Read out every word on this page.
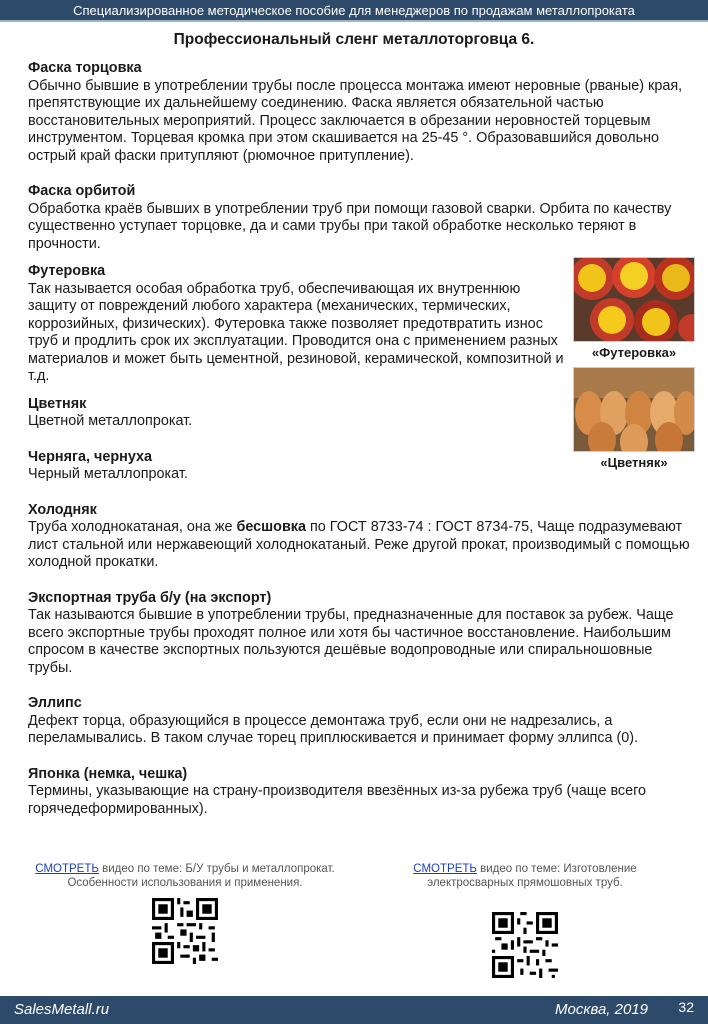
Специализированное методическое пособие для менеджеров по продажам металлопроката
Профессиональный сленг металлоторговца 6.
Фаска торцовка
Обычно бывшие в употреблении трубы после процесса монтажа имеют неровные (рваные) края, препятствующие их дальнейшему соединению. Фаска является обязательной частью восстановительных мероприятий. Процесс заключается в обрезании неровностей торцевым инструментом. Торцевая кромка при этом скашивается на 25-45 °. Образовавшийся довольно острый край фаски притупляют (рюмочное притупление).
Фаска орбитой
Обработка краёв бывших в употреблении труб при помощи газовой сварки. Орбита по качеству существенно уступает торцовке, да и сами трубы при такой обработке несколько теряют в прочности.
Футеровка
Так называется особая обработка труб, обеспечивающая их внутреннюю защиту от повреждений любого характера (механических, термических, коррозийных, физических). Футеровка также позволяет предотвратить износ труб и продлить срок их эксплуатации. Проводится она с применением разных материалов и может быть цементной, резиновой, керамической, композитной и т.д.
Цветняк
Цветной металлопрокат.
Черняга, чернуха
Черный металлопрокат.
Холодняк
Труба холоднокатаная, она же бесшовка по ГОСТ 8733-74 : ГОСТ 8734-75, Чаще подразумевают лист стальной или нержавеющий холоднокатаный. Реже другой прокат, производимый с помощью холодной прокатки.
Экспортная труба б/у (на экспорт)
Так называются бывшие в употреблении трубы, предназначенные для поставок за рубеж. Чаще всего экспортные трубы проходят полное или хотя бы частичное восстановление. Наибольшим спросом в качестве экспортных пользуются дешёвые водопроводные или спиральношовные трубы.
Эллипс
Дефект торца, образующийся в процессе демонтажа труб, если они не надрезались, а переламывались. В таком случае торец приплюскивается и принимает форму эллипса (0).
Японка (немка, чешка)
Термины, указывающие на страну-производителя ввезённых из-за рубежа труб (чаще всего горячедеформированных).
«Футеровка»
«Цветняк»
СМОТРЕТЬ видео по теме: Б/У трубы и металлопрокат. Особенности использования и применения.
СМОТРЕТЬ видео по теме: Изготовление электросварных прямошовных труб.
SalesMetall.ru	Москва, 2019 32
